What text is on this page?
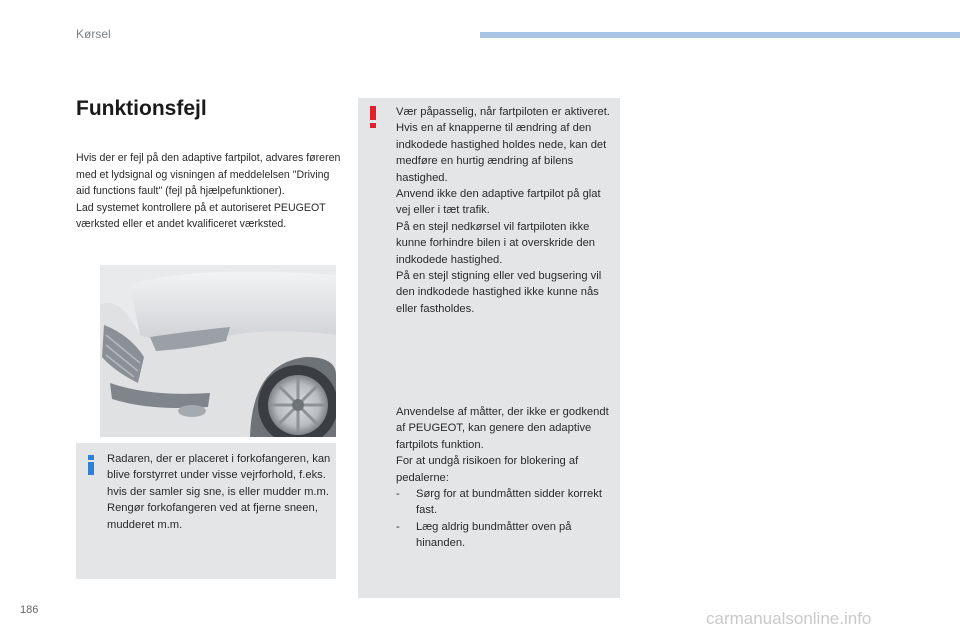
Kørsel
Funktionsfejl

Hvis der er fejl på den adaptive fartpilot, advares føreren med et lydsignal og visningen af meddelelsen "Driving aid functions fault" (fejl på hjælpefunktioner).

Lad systemet kontrollere på et autoriseret PEUGEOT værksted eller et andet kvalificeret værksted.

Radaren, der er placeret i forkofangeren, kan blive forstyrret under visse vejrforhold, f.eks. hvis der samler sig sne, is eller mudder m.m.

Rengør forkofangeren ved at fjerne sneen, mudderet m.m.

Vær påpasselig, når fartpiloten er aktiveret. Hvis en af knapperne til ændring af den indkodede hastighed holdes nede, kan det medføre en hurtig ændring af bilens hastighed.

Anvend ikke den adaptive fartpilot på glat vej eller i tæt trafik.

På en stejl nedkørsel vil fartpiloten ikke kunne forhindre bilen i at overskride den indkodede hastighed.

På en stejl stigning eller ved bugsering vil den indkodede hastighed ikke kunne nås eller fastholdes.

Anvendelse af måtter, der ikke er godkendt af PEUGEOT, kan genere den adaptive fartpilots funktion.

For at undgå risikoen for blokering af pedalerne:

-	Sørg for at bundmåtten sidder korrekt fast.
-	Læg aldrig bundmåtter oven på hinanden.
186	carmanualsonline.info
